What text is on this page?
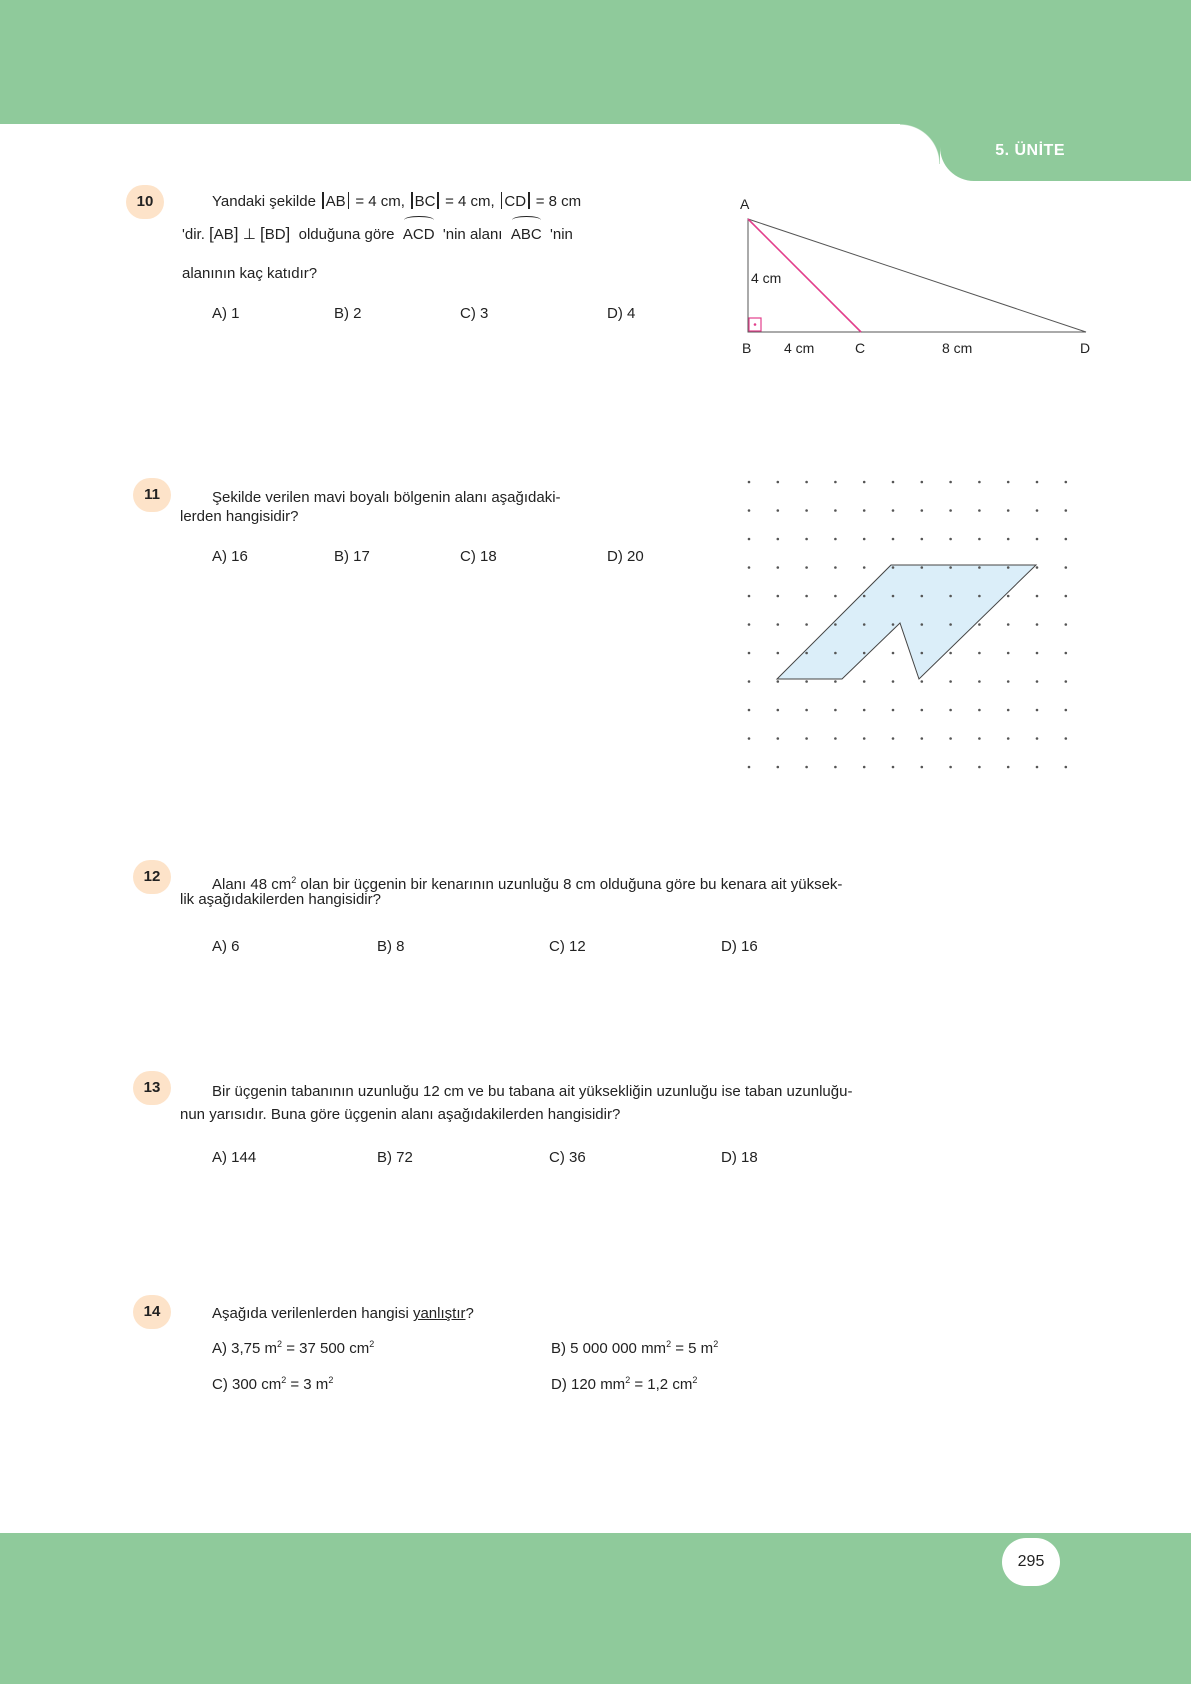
5. ÜNİTE
295
10	Yandaki şekilde AB = 4 cm, BC = 4 cm, CD = 8 cm
'dir. [AB] ⊥ [BD] olduğuna göre ACD 'nin alanı ABC 'nin
alanının kaç katıdır?
A) 1	B) 2	C) 3	D) 4
A
B	C	D
4 cm
4 cm	8 cm
11	Şekilde verilen mavi boyalı bölgenin alanı aşağıdaki-
lerden hangisidir?
A) 16	B) 17	C) 18	D) 20
12	Alanı 48 $cm^2$ olan bir üçgenin bir kenarının uzunluğu 8 cm olduğuna göre bu kenara ait yüksek-
lik aşağıdakilerden hangisidir?
A) 6	B) 8	C) 12	D) 16
13	Bir üçgenin tabanının uzunluğu 12 cm ve bu tabana ait yüksekliğin uzunluğu ise taban uzunluğu-
nun yarısıdır. Buna göre üçgenin alanı aşağıdakilerden hangisidir?
A) 144	B) 72	C) 36	D) 18
14	Aşağıda verilenlerden hangisi yanlıştır?
A) 3,75 $m^2 = 37$ 500 $cm^2$	B) 5 000 000 $mm^2 = 5$ $m^2$
C) 300 $cm^2 = 3$ $m^2$	D) 120 $mm^2 = 1,2$ $cm^2$
